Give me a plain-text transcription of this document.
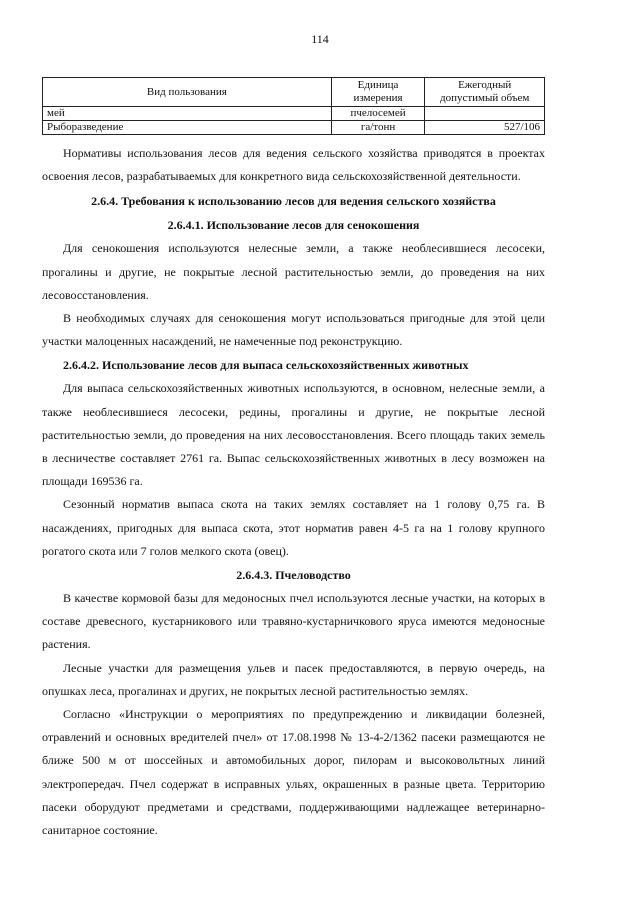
114
Вид пользования	Единица измерения	Ежегодный допустимый объем
мей	пчелосемей	
Рыборазведение	га/тонн	527/106

Нормативы использования лесов для ведения сельского хозяйства приводятся в проектах освоения лесов, разрабатываемых для конкретного вида сельскохозяйственной деятельности.

2.6.4. Требования к использованию лесов для ведения сельского хозяйства

2.6.4.1. Использование лесов для сенокошения

Для сенокошения используются нелесные земли, а также необлесившиеся лесосеки, прогалины и другие, не покрытые лесной растительностью земли, до проведения на них лесовосстановления.

В необходимых случаях для сенокошения могут использоваться пригодные для этой цели участки малоценных насаждений, не намеченные под реконструкцию.

2.6.4.2. Использование лесов для выпаса сельскохозяйственных животных

Для выпаса сельскохозяйственных животных используются, в основном, нелесные земли, а также необлесившиеся лесосеки, редины, прогалины и другие, не покрытые лесной растительностью земли, до проведения на них лесовосстановления. Всего площадь таких земель в лесничестве составляет 2761 га. Выпас сельскохозяйственных животных в лесу возможен на площади 169536 га.

Сезонный норматив выпаса скота на таких землях составляет на 1 голову 0,75 га. В насаждениях, пригодных для выпаса скота, этот норматив равен 4-5 га на 1 голову крупного рогатого скота или 7 голов мелкого скота (овец).

2.6.4.3. Пчеловодство

В качестве кормовой базы для медоносных пчел используются лесные участки, на которых в составе древесного, кустарникового или травяно-кустарничкового яруса имеются медоносные растения.

Лесные участки для размещения ульев и пасек предоставляются, в первую очередь, на опушках леса, прогалинах и других, не покрытых лесной растительностью землях.

Согласно «Инструкции о мероприятиях по предупреждению и ликвидации болезней, отравлений и основных вредителей пчел» от 17.08.1998 № 13-4-2/1362 пасеки размещаются не ближе 500 м от шоссейных и автомобильных дорог, пилорам и высоковольтных линий электропередач. Пчел содержат в исправных ульях, окрашенных в разные цвета. Территорию пасеки оборудуют предметами и средствами, поддерживающими надлежащее ветеринарно-санитарное состояние.
